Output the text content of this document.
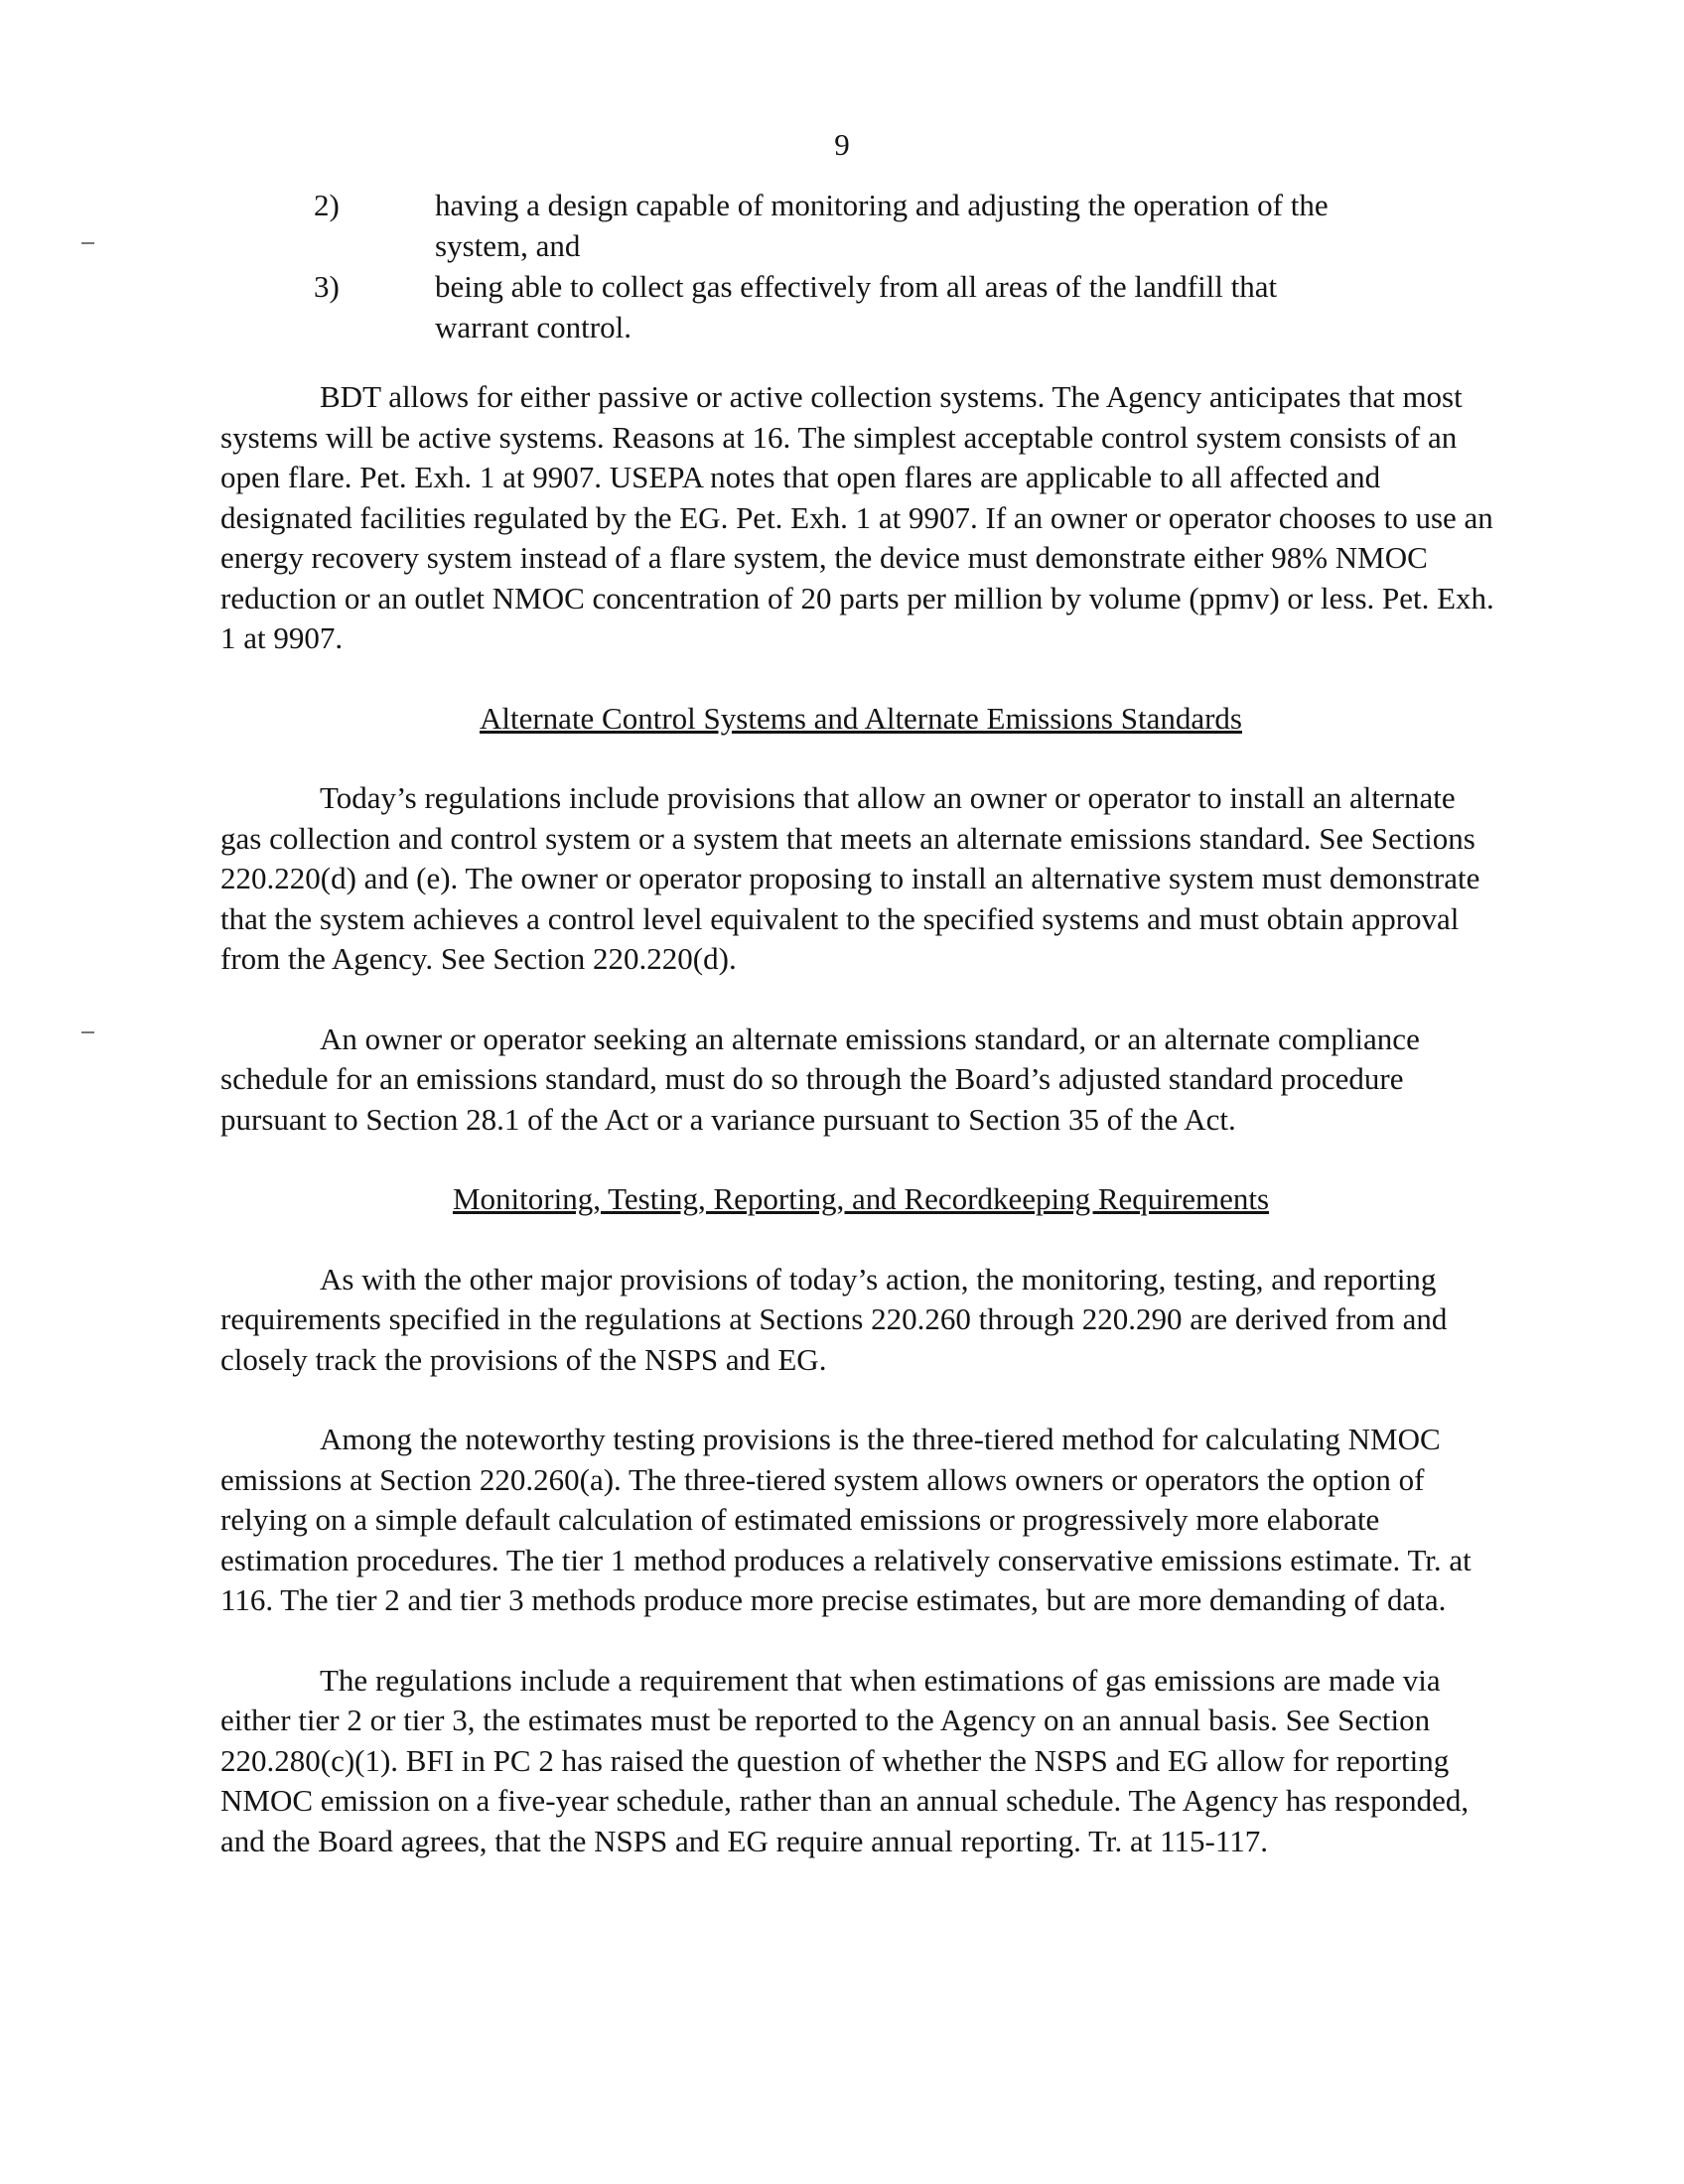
9
2)	having a design capable of monitoring and adjusting the operation of the system, and
3)	being able to collect gas effectively from all areas of the landfill that warrant control.

BDT allows for either passive or active collection systems. The Agency anticipates that most systems will be active systems. Reasons at 16. The simplest acceptable control system consists of an open flare. Pet. Exh. 1 at 9907. USEPA notes that open flares are applicable to all affected and designated facilities regulated by the EG. Pet. Exh. 1 at 9907. If an owner or operator chooses to use an energy recovery system instead of a flare system, the device must demonstrate either 98% NMOC reduction or an outlet NMOC concentration of 20 parts per million by volume (ppmv) or less. Pet. Exh. 1 at 9907.

Alternate Control Systems and Alternate Emissions Standards

Today’s regulations include provisions that allow an owner or operator to install an alternate gas collection and control system or a system that meets an alternate emissions standard. See Sections 220.220(d) and (e). The owner or operator proposing to install an alternative system must demonstrate that the system achieves a control level equivalent to the specified systems and must obtain approval from the Agency. See Section 220.220(d).

An owner or operator seeking an alternate emissions standard, or an alternate compliance schedule for an emissions standard, must do so through the Board’s adjusted standard procedure pursuant to Section 28.1 of the Act or a variance pursuant to Section 35 of the Act.

Monitoring, Testing, Reporting, and Recordkeeping Requirements

As with the other major provisions of today’s action, the monitoring, testing, and reporting requirements specified in the regulations at Sections 220.260 through 220.290 are derived from and closely track the provisions of the NSPS and EG.

Among the noteworthy testing provisions is the three-tiered method for calculating NMOC emissions at Section 220.260(a). The three-tiered system allows owners or operators the option of relying on a simple default calculation of estimated emissions or progressively more elaborate estimation procedures. The tier 1 method produces a relatively conservative emissions estimate. Tr. at 116. The tier 2 and tier 3 methods produce more precise estimates, but are more demanding of data.

The regulations include a requirement that when estimations of gas emissions are made via either tier 2 or tier 3, the estimates must be reported to the Agency on an annual basis. See Section 220.280(c)(1). BFI in PC 2 has raised the question of whether the NSPS and EG allow for reporting NMOC emission on a five-year schedule, rather than an annual schedule. The Agency has responded, and the Board agrees, that the NSPS and EG require annual reporting. Tr. at 115-117.
